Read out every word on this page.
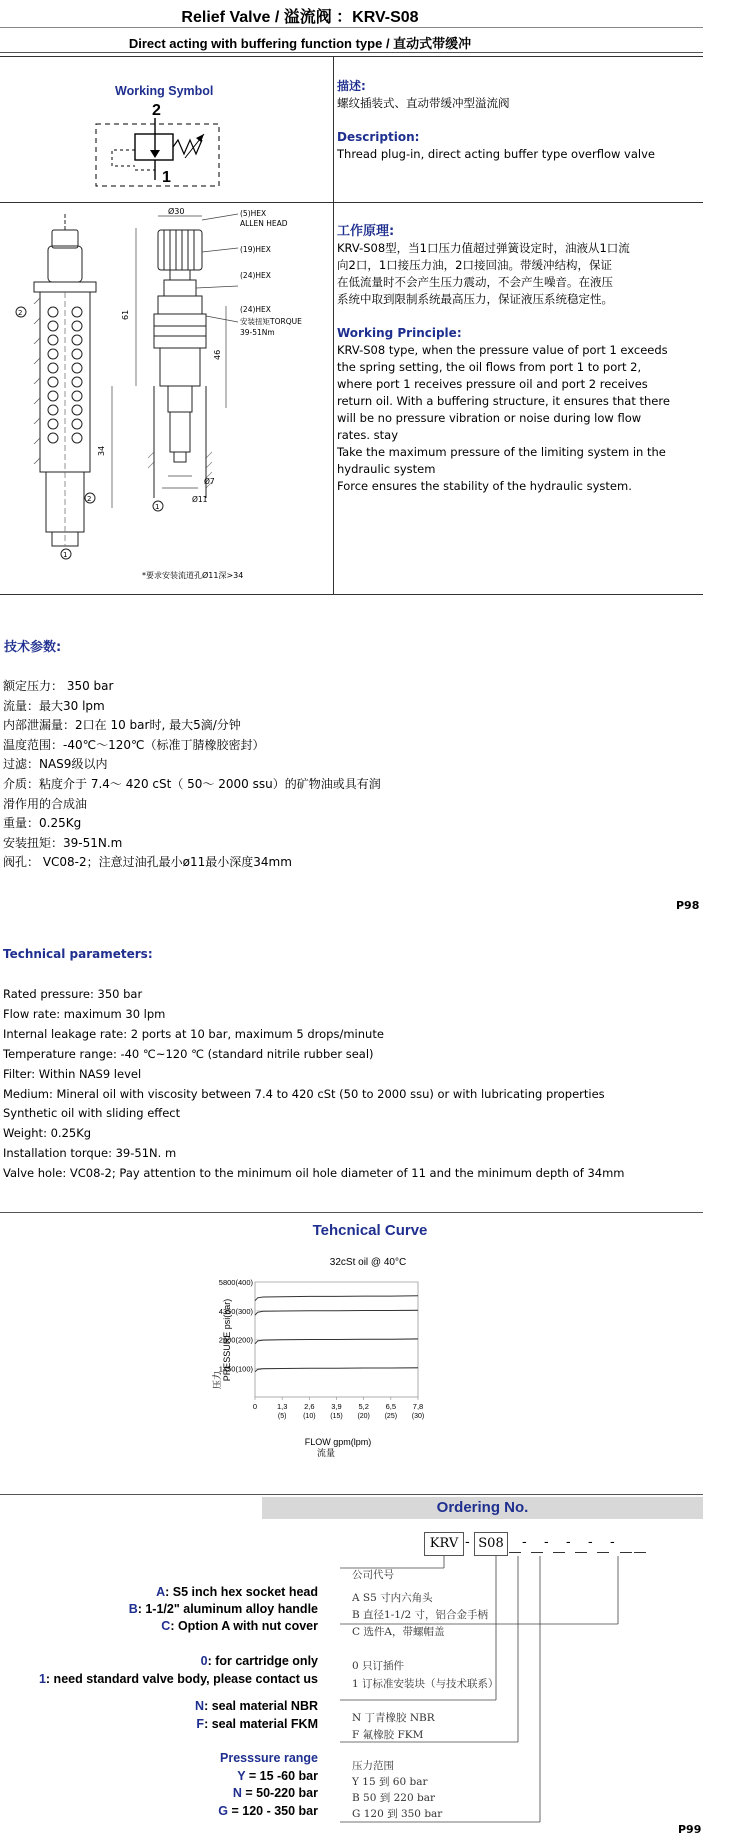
Relief Valve / 溢流阀 ：KRV-S08
Direct acting with buffering function type / 直动式带缓冲
Working Symbol
2
1
描述:
螺纹插装式、直动带缓冲型溢流阀
Description:
Thread plug-in, direct acting buffer type overflow valve
2
2
1
Ø30	(5)HEX
ALLEN HEAD
(19)HEX
(24)HEX
(24)HEX
安装扭矩TORQUE
39-51Nm
61
46
34
Ø7
Ø11
1
*要求安装流道孔Ø11深>34
工作原理:
KRV-S08型，当1口压力值超过弹簧设定时，油液从1口流
向2口，1口接压力油，2口接回油。带缓冲结构，保证
在低流量时不会产生压力震动，不会产生噪音。在液压
系统中取到限制系统最高压力，保证液压系统稳定性。
Working Principle:
KRV-S08 type, when the pressure value of port 1 exceeds
the spring setting, the oil flows from port 1 to port 2,
where port 1 receives pressure oil and port 2 receives
return oil. With a buffering structure, it ensures that there
will be no pressure vibration or noise during low flow
rates. stay
Take the maximum pressure of the limiting system in the
hydraulic system
Force ensures the stability of the hydraulic system.
技术参数:
额定压力： 350 bar
流量：最大30 lpm
内部泄漏量：2口在 10 bar时, 最大5滴/分钟
温度范围：-40℃～120℃（标准丁腈橡胶密封）
过滤：NAS9级以内
介质：粘度介于 7.4～ 420 cSt（ 50～ 2000 ssu）的矿物油或具有润
滑作用的合成油
重量：0.25Kg
安装扭矩：39-51N.m
阀孔： VC08-2；注意过油孔最小ø11最小深度34mm
P98
Technical parameters:
Rated pressure: 350 bar
Flow rate: maximum 30 lpm
Internal leakage rate: 2 ports at 10 bar, maximum 5 drops/minute
Temperature range: -40 ℃~120 ℃ (standard nitrile rubber seal)
Filter: Within NAS9 level
Medium: Mineral oil with viscosity between 7.4 to 420 cSt (50 to 2000 ssu) or with lubricating properties
Synthetic oil with sliding effect
Weight: 0.25Kg
Installation torque: 39-51N. m
Valve hole: VC08-2; Pay attention to the minimum oil hole diameter of 11 and the minimum depth of 34mm
Tehcnical Curve
32cSt oil @ 40°C
PRESSURE psi(bar)
压力
FLOW gpm(lpm)
流量
1450(100)
2900(200)
4350(300)
5800(400)
0	1,3
(5)
2,6
(10)
3,9
(15)
5,2
(20)
6,5
(25)
7,8
(30)
Ordering No.
KRV - S08	- - - - -
公司代号
A S5 寸内六角头
B 直径1-1/2 寸，铝合金手柄
C 选件A，带螺帽盖
0 只订插件
1 订标准安装块（与技术联系）
N 丁青橡胶 NBR
F 氟橡胶 FKM
压力范围
Y 15 到 60 bar
B 50 到 220 bar
G 120 到 350 bar
A: S5 inch hex socket head
B: 1-1/2" aluminum alloy handle
C: Option A with nut cover
0: for cartridge only
1: need standard valve body, please contact us
N: seal material NBR
F: seal material FKM
Presssure range
Y = 15 -60 bar
N = 50-220 bar
G = 120 - 350 bar
P99
